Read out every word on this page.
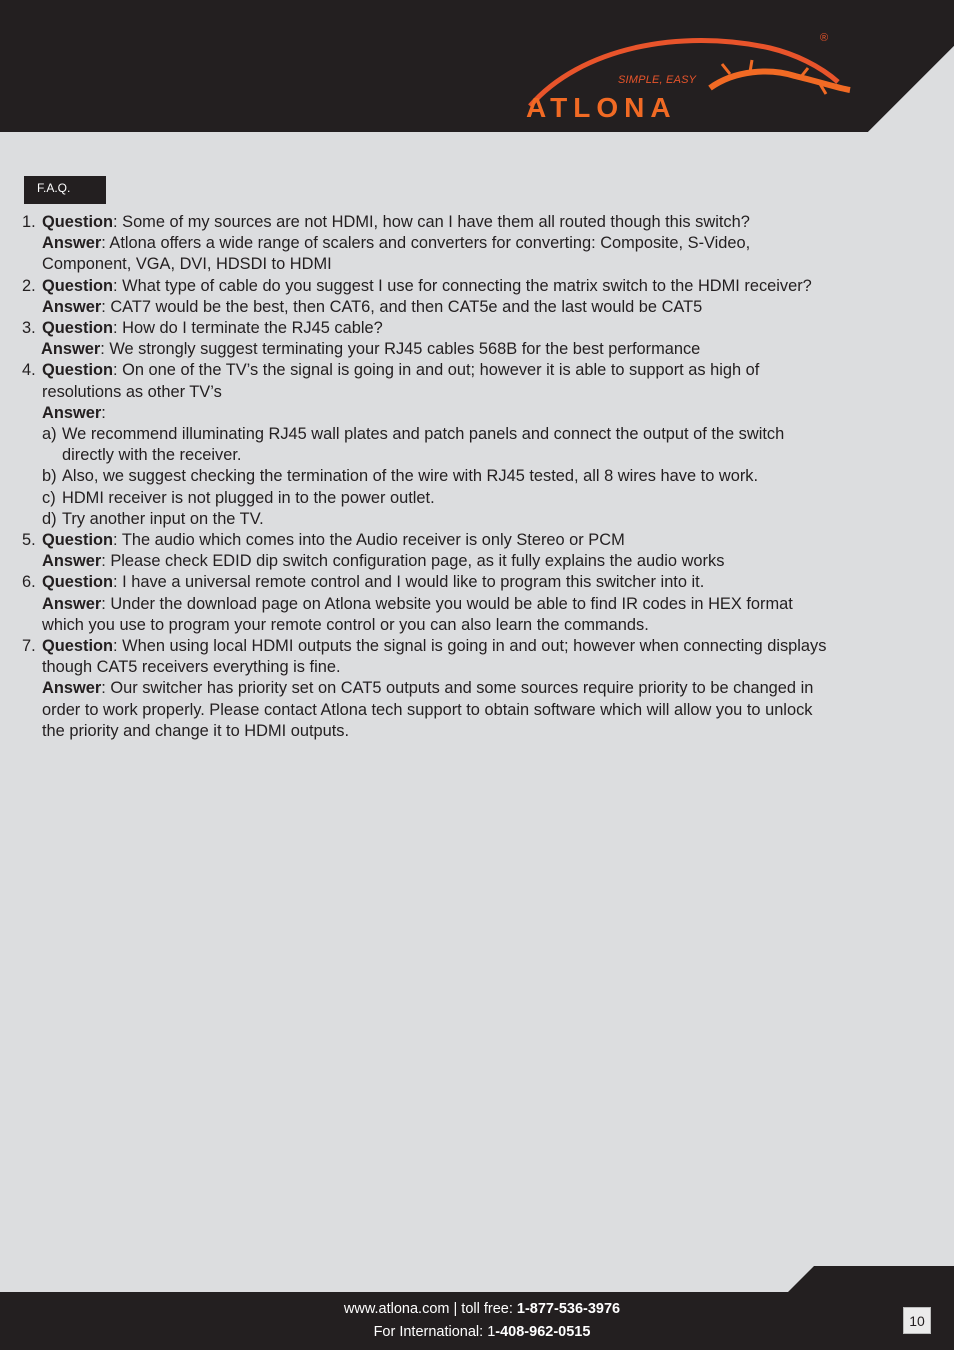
®
SIMPLE, EASY
ATLONA
F.A.Q.
1. Question: Some of my sources are not HDMI, how can I have them all routed though this switch?
Answer: Atlona offers a wide range of scalers and converters for converting: Composite, S-Video,
Component, VGA, DVI, HDSDI to HDMI
2. Question: What type of cable do you suggest I use for connecting the matrix switch to the HDMI receiver?
Answer: CAT7 would be the best, then CAT6, and then CAT5e and the last would be CAT5
3. Question: How do I terminate the RJ45 cable?
Answer: We strongly suggest terminating your RJ45 cables 568B for the best performance
4. Question: On one of the TV’s the signal is going in and out; however it is able to support as high of
resolutions as other TV’s
Answer:
a) We recommend illuminating RJ45 wall plates and patch panels and connect the output of the switch
directly with the receiver.
b) Also, we suggest checking the termination of the wire with RJ45 tested, all 8 wires have to work.
c) HDMI receiver is not plugged in to the power outlet.
d) Try another input on the TV.
5. Question: The audio which comes into the Audio receiver is only Stereo or PCM
Answer: Please check EDID dip switch configuration page, as it fully explains the audio works
6. Question: I have a universal remote control and I would like to program this switcher into it.
Answer: Under the download page on Atlona website you would be able to find IR codes in HEX format
which you use to program your remote control or you can also learn the commands.
7. Question: When using local HDMI outputs the signal is going in and out; however when connecting displays
though CAT5 receivers everything is fine.
Answer: Our switcher has priority set on CAT5 outputs and some sources require priority to be changed in
order to work properly. Please contact Atlona tech support to obtain software which will allow you to unlock
the priority and change it to HDMI outputs.
www.atlona.com | toll free: 1-877-536-3976
For International: 1-408-962-0515
10
